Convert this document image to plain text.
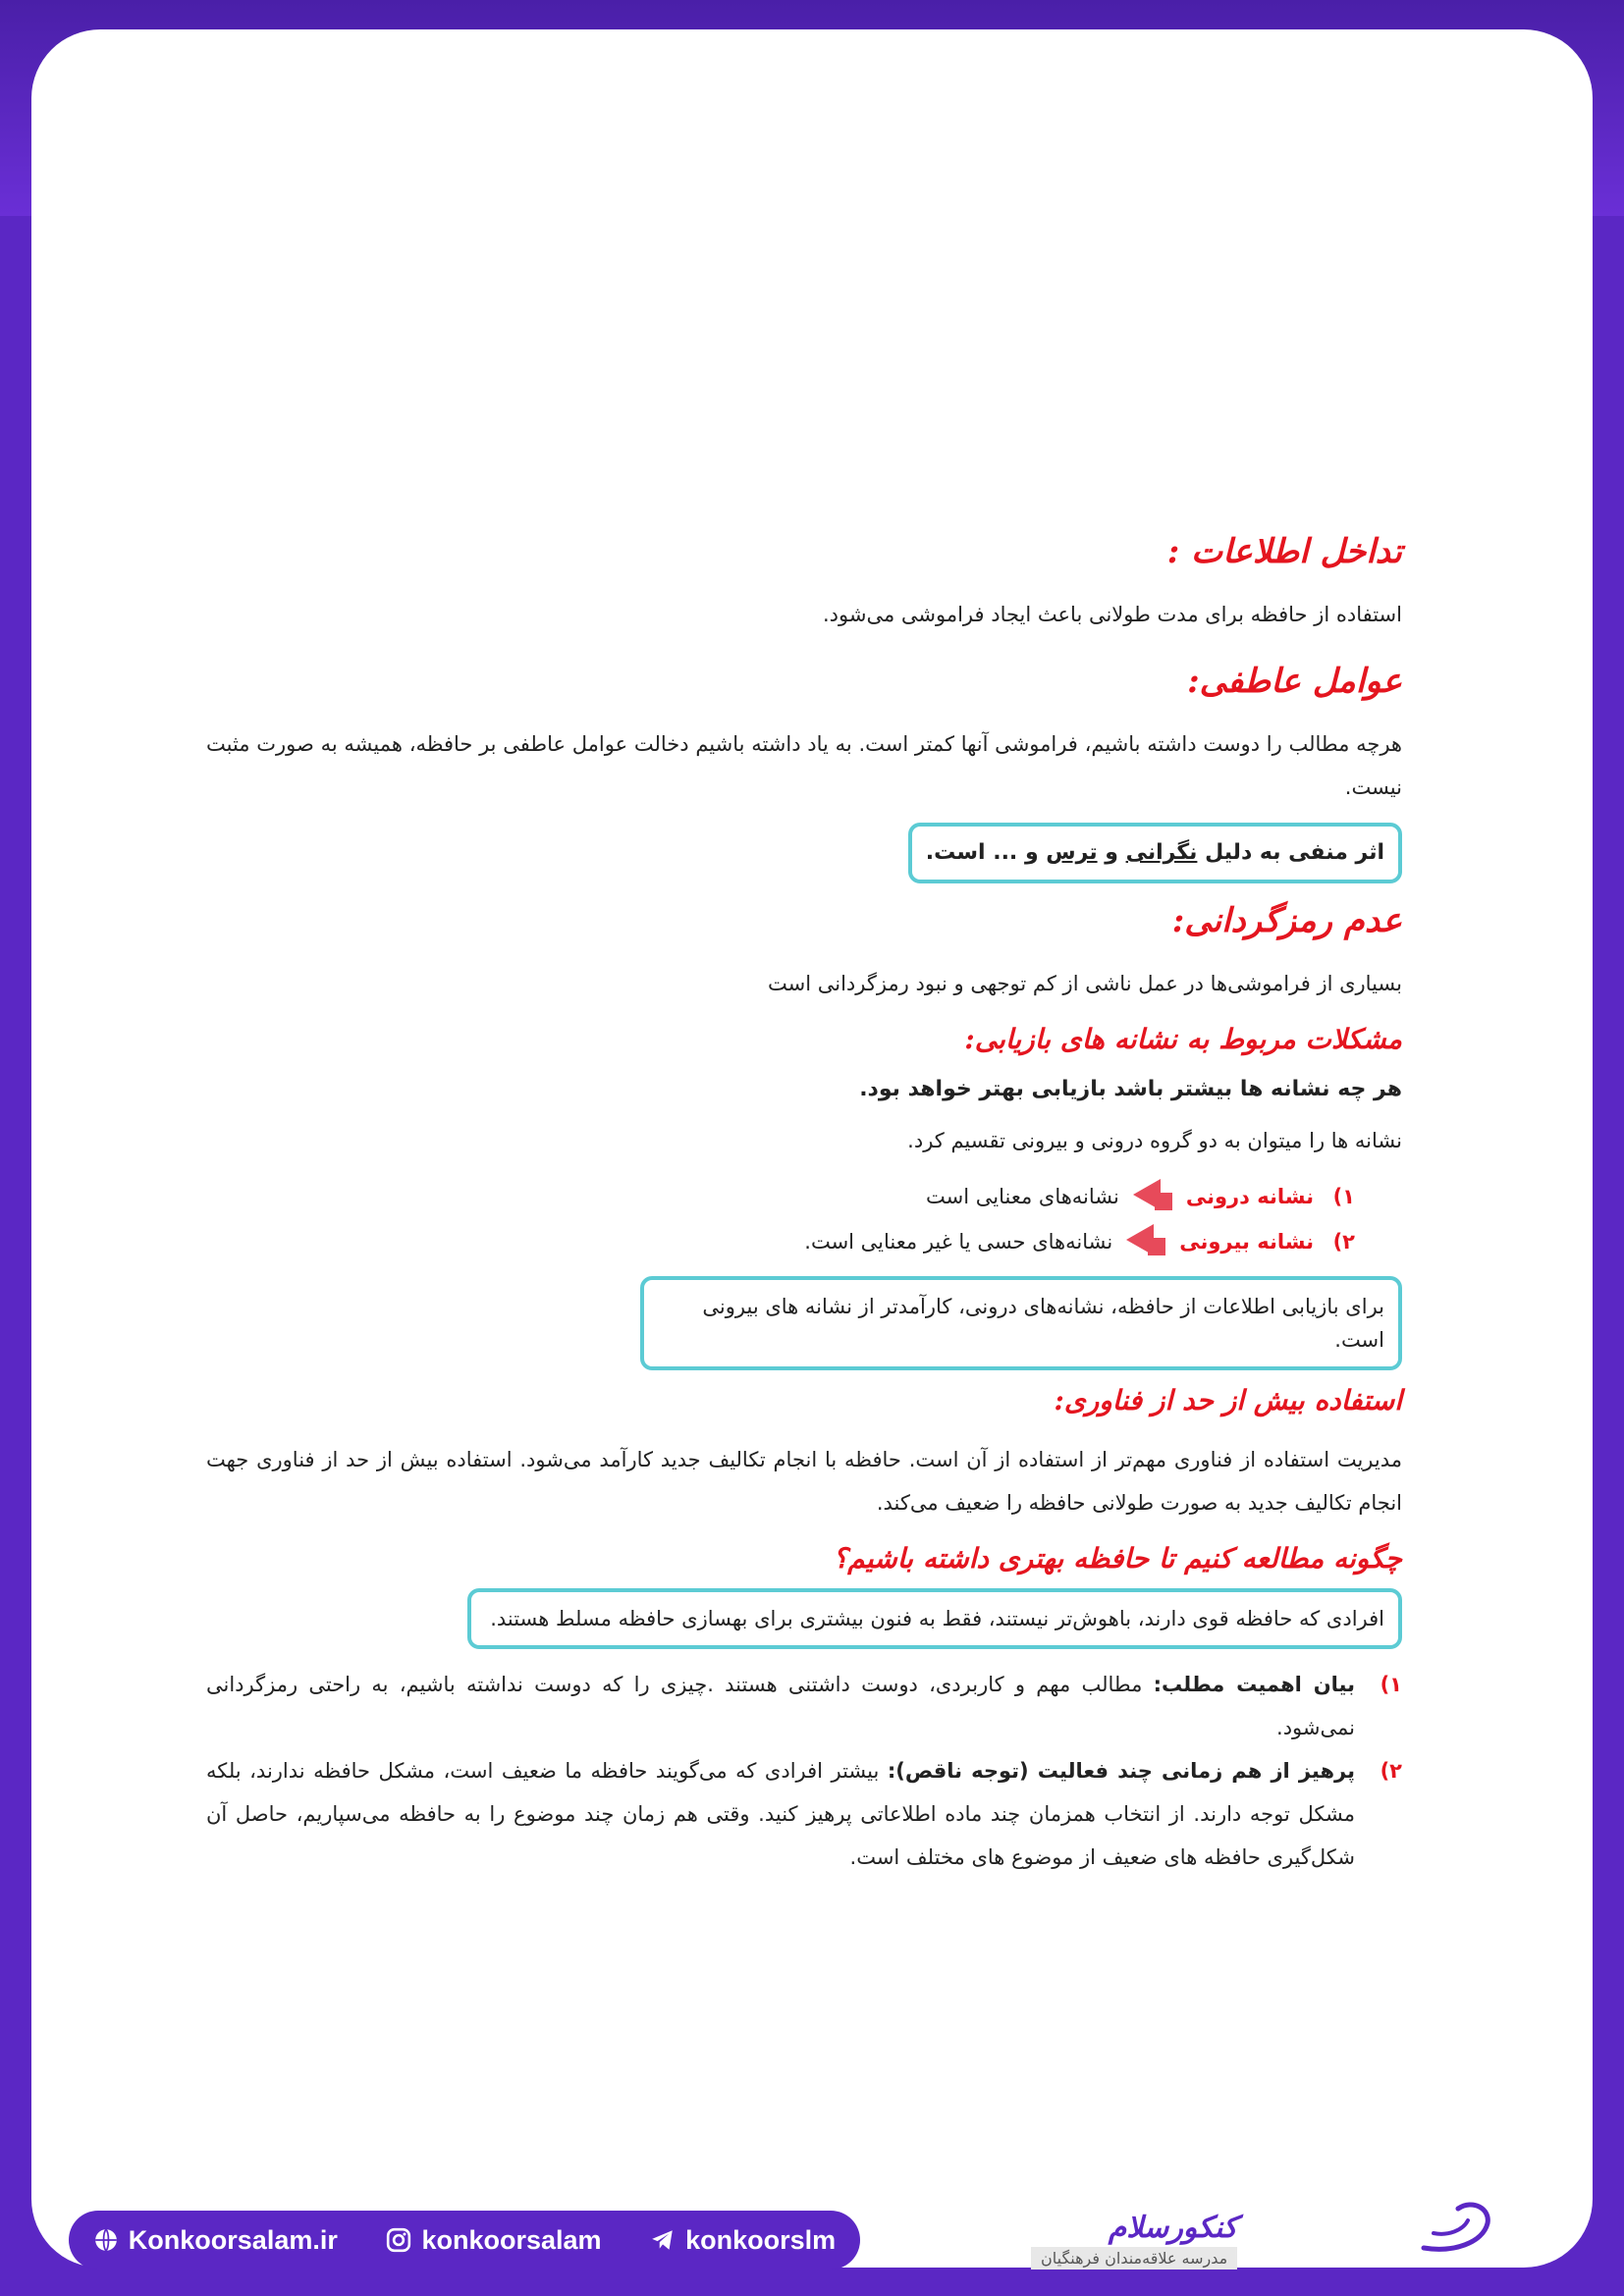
تداخل اطلاعات :

استفاده از حافظه برای مدت طولانی باعث ایجاد فراموشی می‌شود.

عوامل عاطفی:

هرچه مطالب را دوست داشته باشیم، فراموشی آنها کمتر است. به یاد داشته باشیم دخالت عوامل عاطفی بر حافظه، همیشه به صورت مثبت نیست.

اثر منفی به دلیل نگرانی و ترس و ... است.
عدم رمزگردانی:

بسیاری از فراموشی‌ها در عمل ناشی از کم توجهی و نبود رمزگردانی است

مشکلات مربوط به نشانه های بازیابی:

هر چه نشانه ها بیشتر باشد بازیابی بهتر خواهد بود.

نشانه ها را میتوان به دو گروه درونی و بیرونی تقسیم کرد.

۱)
نشانه درونی
نشانه‌های معنایی است
۲)
نشانه بیرونی
نشانه‌های حسی یا غیر معنایی است.
برای بازیابی اطلاعات از حافظه، نشانه‌های درونی، کارآمدتر از نشانه های بیرونی است.
استفاده بیش از حد از فناوری:

مدیریت استفاده از فناوری مهم‌تر از استفاده از آن است. حافظه با انجام تکالیف جدید کارآمد می‌شود. استفاده بیش از حد از فناوری جهت انجام تکالیف جدید به صورت طولانی حافظه را ضعیف می‌کند.

چگونه مطالعه کنیم تا حافظه بهتری داشته باشیم؟
افرادی که حافظه قوی دارند، باهوش‌تر نیستند، فقط به فنون بیشتری برای بهسازی حافظه مسلط هستند.
۱)
بیان اهمیت مطلب: مطالب مهم و کاربردی، دوست داشتنی هستند .چیزی را که دوست نداشته باشیم، به راحتی رمزگردانی نمی‌شود.
۲)
پرهیز از هم زمانی چند فعالیت (توجه ناقص): بیشتر افرادی که می‌گویند حافظه ما ضعیف است، مشکل حافظه ندارند، بلکه مشکل توجه دارند. از انتخاب همزمان چند ماده اطلاعاتی پرهیز کنید. وقتی هم زمان چند موضوع را به حافظه می‌سپاریم، حاصل آن شکل‌گیری حافظه های ضعیف از موضوع های مختلف است.
Konkoorsalam.ir	konkoorsalam	konkoorslm	کنکورسلام
مدرسه علاقه‌مندان فرهنگیان
